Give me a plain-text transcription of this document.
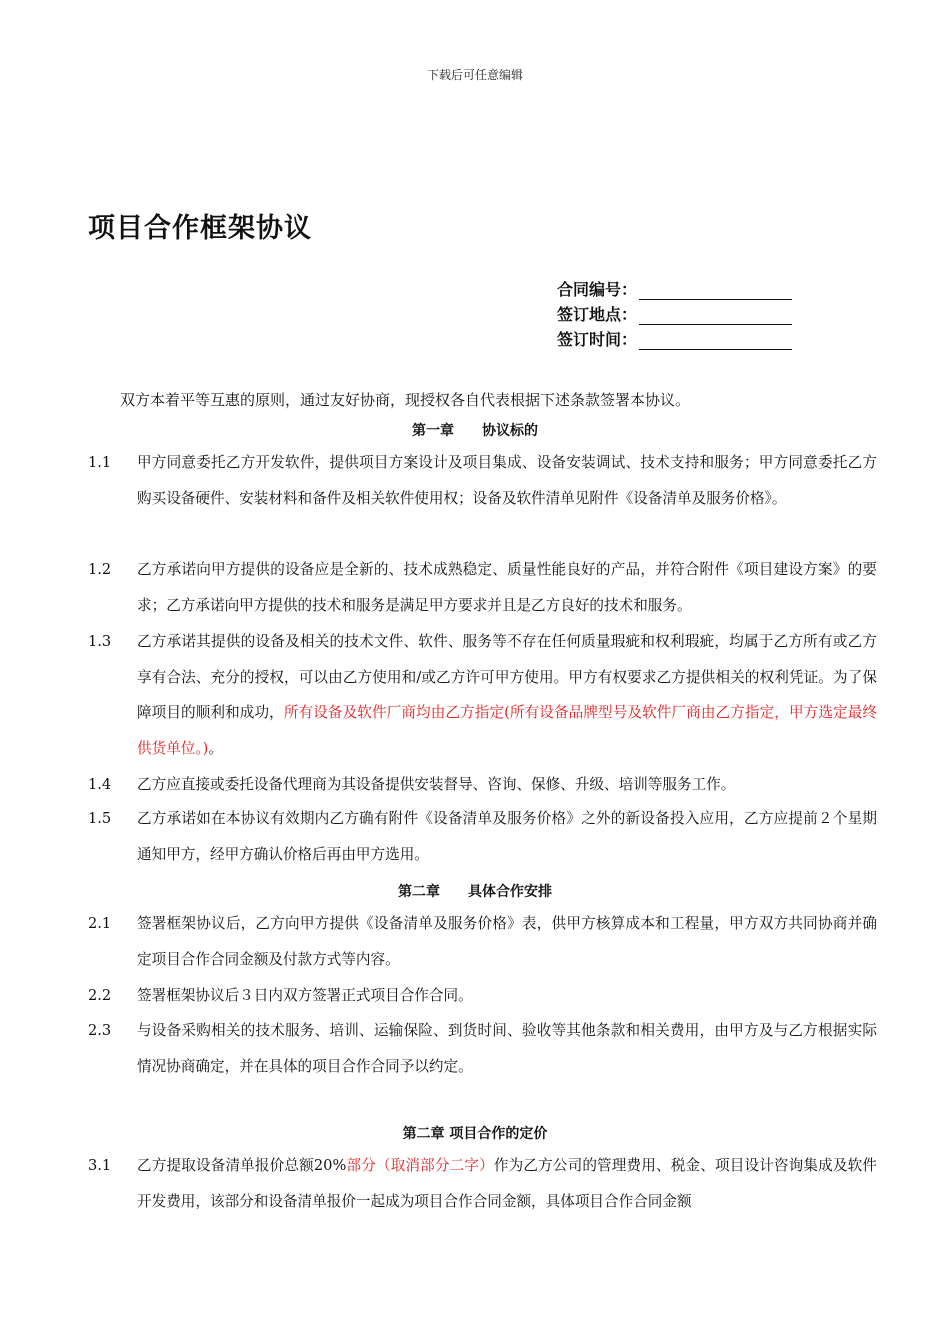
下载后可任意编辑
项目合作框架协议
合同编号：
签订地点：
签订时间：
双方本着平等互惠的原则，通过友好协商，现授权各自代表根据下述条款签署本协议。
第一章　　协议标的
1.1	甲方同意委托乙方开发软件，提供项目方案设计及项目集成、设备安装调试、技术支持和服务；甲方同意委托乙方购买设备硬件、安装材料和备件及相关软件使用权；设备及软件清单见附件《设备清单及服务价格》。
1.2	乙方承诺向甲方提供的设备应是全新的、技术成熟稳定、质量性能良好的产品，并符合附件《项目建设方案》的要求；乙方承诺向甲方提供的技术和服务是满足甲方要求并且是乙方良好的技术和服务。
1.3	乙方承诺其提供的设备及相关的技术文件、软件、服务等不存在任何质量瑕疵和权利瑕疵，均属于乙方所有或乙方享有合法、充分的授权，可以由乙方使用和/或乙方许可甲方使用。甲方有权要求乙方提供相关的权利凭证。为了保障项目的顺利和成功，所有设备及软件厂商均由乙方指定(所有设备品牌型号及软件厂商由乙方指定，甲方选定最终供货单位。)。
1.4	乙方应直接或委托设备代理商为其设备提供安装督导、咨询、保修、升级、培训等服务工作。
1.5	乙方承诺如在本协议有效期内乙方确有附件《设备清单及服务价格》之外的新设备投入应用，乙方应提前２个星期通知甲方，经甲方确认价格后再由甲方选用。
第二章　　具体合作安排
2.1	签署框架协议后，乙方向甲方提供《设备清单及服务价格》表，供甲方核算成本和工程量，甲方双方共同协商并确定项目合作合同金额及付款方式等内容。
2.2	签署框架协议后３日内双方签署正式项目合作合同。
2.3	与设备采购相关的技术服务、培训、运输保险、到货时间、验收等其他条款和相关费用，由甲方及与乙方根据实际情况协商确定，并在具体的项目合作合同予以约定。
第二章 项目合作的定价
3.1	乙方提取设备清单报价总额20%部分（取消部分二字）作为乙方公司的管理费用、税金、项目设计咨询集成及软件开发费用，该部分和设备清单报价一起成为项目合作合同金额，具体项目合作合同金额
